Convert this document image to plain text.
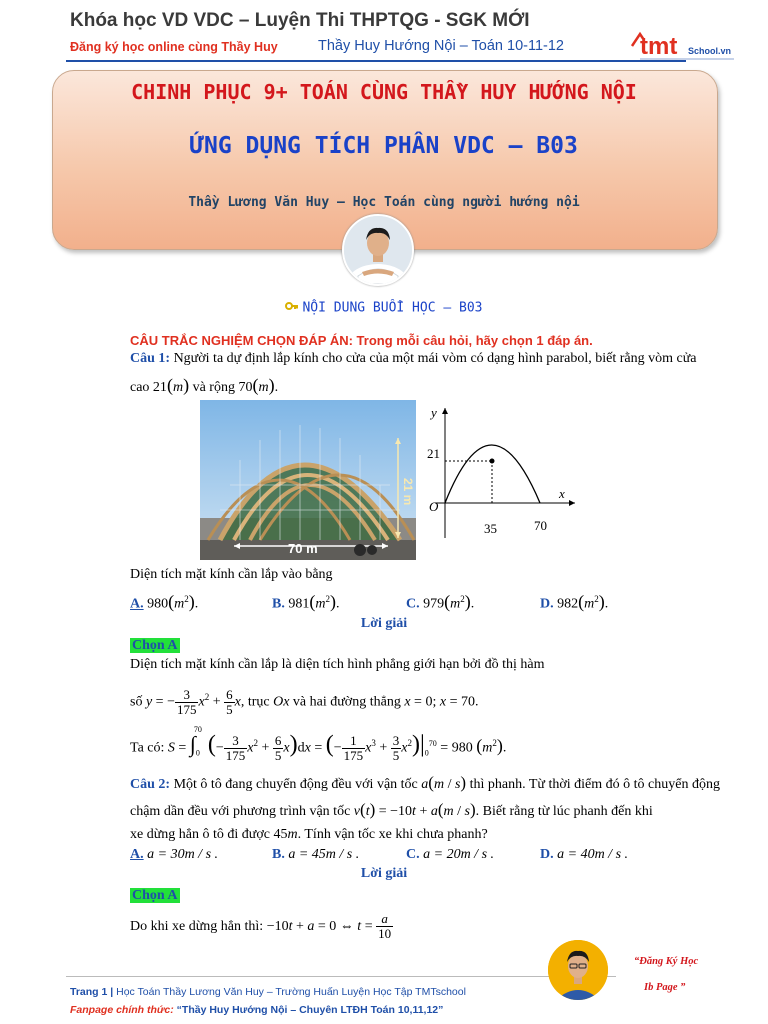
Khóa học VD VDC – Luyện Thi THPTQG - SGK MỚI
Đăng ký học online cùng Thầy Huy	Thầy Huy Hướng Nội – Toán 10-11-12	tmt School.vn
CHINH PHỤC 9+ TOÁN CÙNG THẦY HUY HƯỚNG NỘI
ỨNG DỤNG TÍCH PHÂN VDC – B03
Thầy Lương Văn Huy – Học Toán cùng người hướng nội
NỘI DUNG BUỔI HỌC – B03
CÂU TRẮC NGHIỆM CHỌN ĐÁP ÁN: Trong mỗi câu hỏi, hãy chọn 1 đáp án.
Câu 1: Người ta dự định lắp kính cho cửa của một mái vòm có dạng hình parabol, biết rằng vòm cửa
cao 21(m) và rộng 70(m).
70 m
21 m
21
O
35	70
y
x
Diện tích mặt kính cần lắp vào bằng
A. $980(m^2)$.	B. $981(m^2)$.	C. $979(m^2)$.	D. $982(m^2)$.
Lời giải
Chọn A
Diện tích mặt kính cần lắp là diện tích hình phẳng giới hạn bởi đồ thị hàm
số y = − $\frac{3}{175} x^2 + \frac{6}{5} x$, trục Ox và hai đường thẳng x = 0; x = 70.
Ta có: $S = \int_0^{70}(- \frac{3}{175} x^2 + \frac{6}{5} x)dx$ = (− $\frac{1}{175} x^3 + \frac{3}{5} x^2)|_0^{70} = 980$ $(m^2)$.
Câu 2: Một ô tô đang chuyển động đều với vận tốc a(m / s) thì phanh. Từ thời điểm đó ô tô chuyển động
chậm dần đều với phương trình vận tốc v(t) = −10t + a(m / s). Biết rằng từ lúc phanh đến khi
xe dừng hẳn ô tô đi được 45m. Tính vận tốc xe khi chưa phanh?
A. a = 30m / s .	B. a = 45m / s .	C. a = 20m / s .	D. a = 40m / s .
Lời giải
Chọn A
Do khi xe dừng hẳn thì: −10t + a = 0 ⇔ $t = \frac{a}{10}$
Trang 1 | Học Toán Thầy Lương Văn Huy – Trường Huấn Luyện Học Tập TMTschool
Fanpage chính thức: “Thầy Huy Hướng Nội – Chuyên LTĐH Toán 10,11,12”
“Đăng Ký Học
Ib Page ”
